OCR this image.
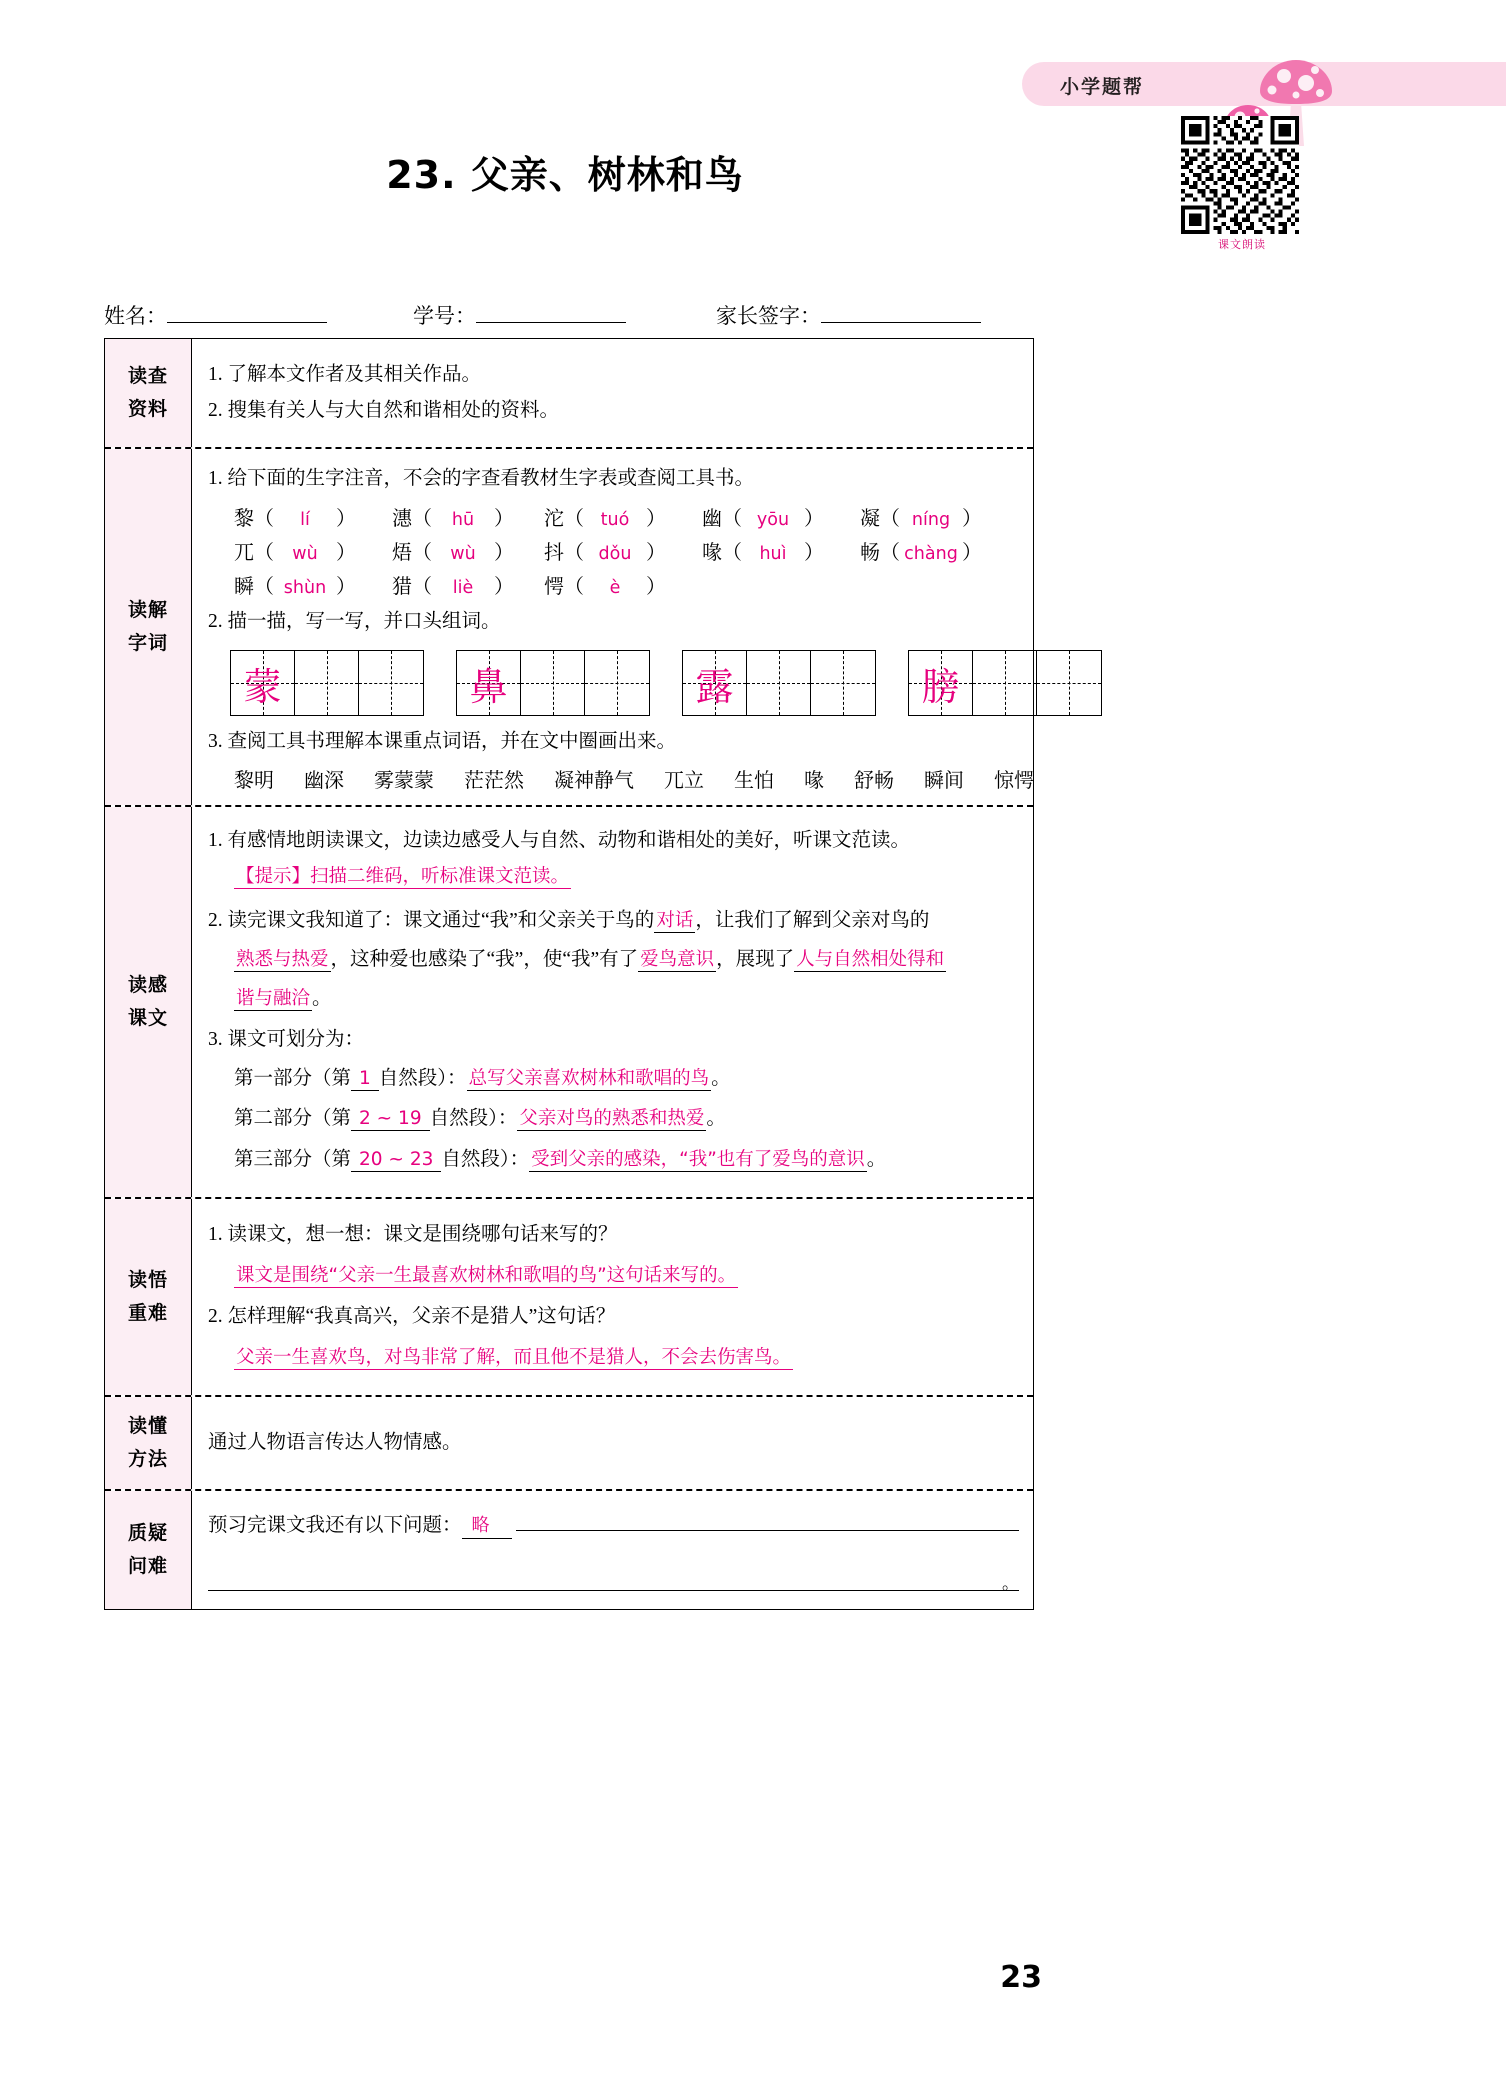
小学题帮
课文朗读
23. 父亲、树林和鸟
姓名：	学号：	家长签字：
读查
资料
1. 了解本文作者及其相关作品。
2. 搜集有关人与大自然和谐相处的资料。
读解
字词
1. 给下面的生字注音，不会的字查看教材生字表或查阅工具书。
黎 （	lí	） 潓 （	hū ） 沱 （ tuó ） 幽 （ yōu ） 凝 （ níng ）
兀 （	wù ） 焐 （	wù ） 抖 （ dǒu ） 喙 （ huì ） 畅 （ chàng ）
瞬 （ shùn ） 猎 （	liè	） 愕 （	è	）
2. 描一描，写一写，并口头组词。
蒙	鼻	露	膀
3. 查阅工具书理解本课重点词语，并在文中圈画出来。
黎明 幽深 雾蒙蒙 茫茫然 凝神静气 兀立 生怕 喙 舒畅 瞬间 惊愕
读感
课文
1. 有感情地朗读课文，边读边感受人与自然、动物和谐相处的美好，听课文范读。
【提示】扫描二维码，听标准课文范读。
2. 读完课文我知道了：课文通过“我”和父亲关于鸟的 对话 ，让我们了解到父亲对鸟的
熟悉与热爱 ，这种爱也感染了“我”，使“我”有了 爱鸟意识 ，展现了 人与自然相处得和
谐与融洽 。
3. 课文可划分为：
第一部分（第 1 自然段）： 总写父亲喜欢树林和歌唱的鸟 。
第二部分（第 2 ~ 19 自然段）： 父亲对鸟的熟悉和热爱 。
第三部分（第 20 ~ 23 自然段）： 受到父亲的感染，“我”也有了爱鸟的意识 。
读悟
重难
1. 读课文，想一想：课文是围绕哪句话来写的？
课文是围绕“父亲一生最喜欢树林和歌唱的鸟”这句话来写的。
2. 怎样理解“我真高兴，父亲不是猎人”这句话？
父亲一生喜欢鸟，对鸟非常了解，而且他不是猎人，不会去伤害鸟。
读懂
方法
通过人物语言传达人物情感。
质疑
问难
预习完课文我还有以下问题： 略
。
23
